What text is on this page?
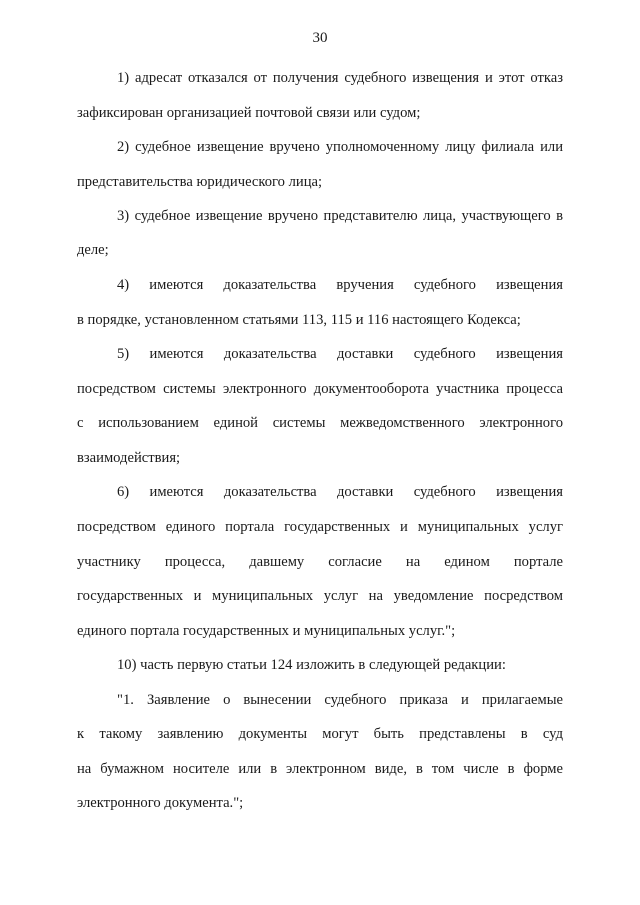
30
1) адресат отказался от получения судебного извещения и этот отказ
зафиксирован организацией почтовой связи или судом;
2) судебное извещение вручено уполномоченному лицу филиала или
представительства юридического лица;
3) судебное извещение вручено представителю лица, участвующего в
деле;
4) имеются доказательства вручения судебного извещения
в порядке, установленном статьями 113, 115 и 116 настоящего Кодекса;
5) имеются доказательства доставки судебного извещения
посредством системы электронного документооборота участника процесса
с использованием единой системы межведомственного электронного
взаимодействия;
6) имеются доказательства доставки судебного извещения
посредством единого портала государственных и муниципальных услуг
участнику процесса, давшему согласие на едином портале
государственных и муниципальных услуг на уведомление посредством
единого портала государственных и муниципальных услуг.";
10) часть первую статьи 124 изложить в следующей редакции:
"1. Заявление о вынесении судебного приказа и прилагаемые
к такому заявлению документы могут быть представлены в суд
на бумажном носителе или в электронном виде, в том числе в форме
электронного документа.";
